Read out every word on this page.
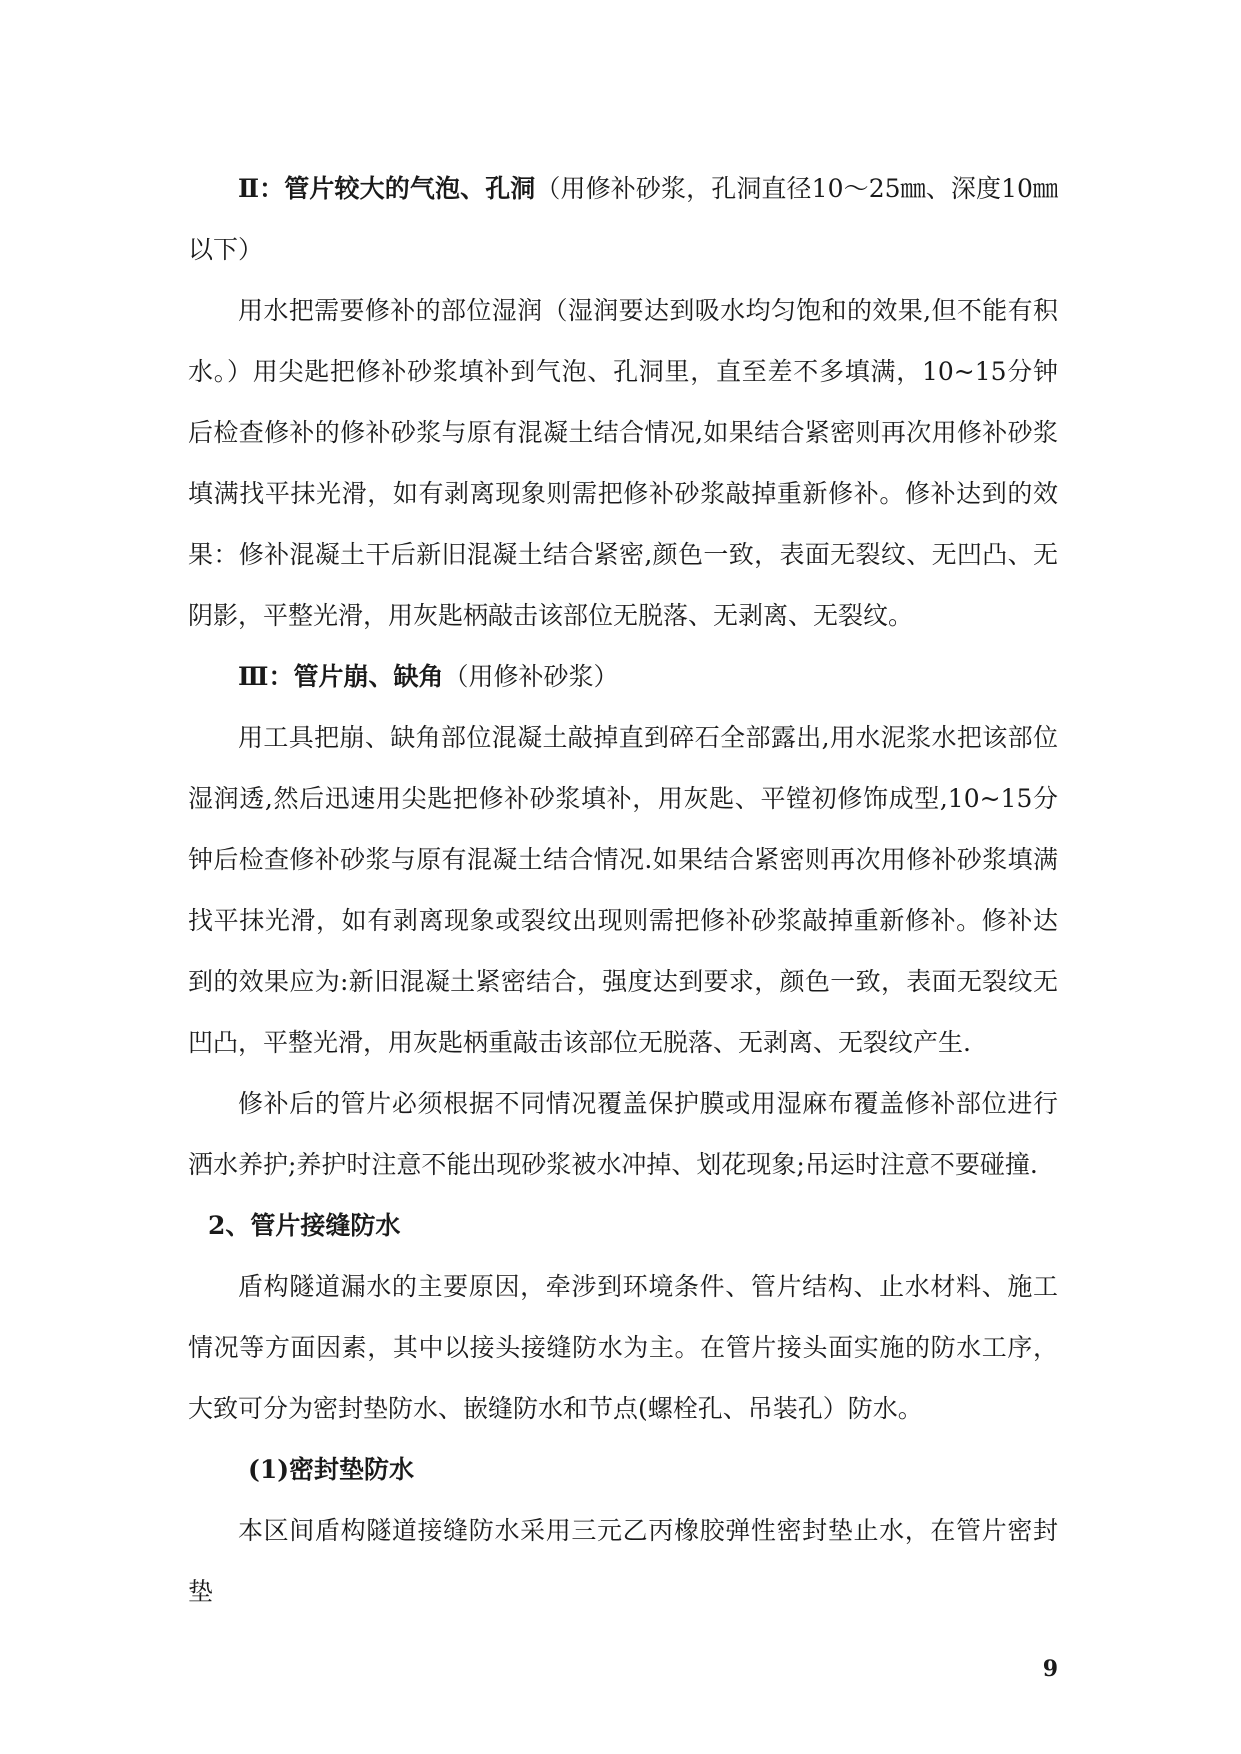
Ⅱ：管片较大的气泡、孔洞（用修补砂浆，孔洞直径10～25㎜、深度10㎜以下）

用水把需要修补的部位湿润（湿润要达到吸水均匀饱和的效果,但不能有积水。）用尖匙把修补砂浆填补到气泡、孔洞里，直至差不多填满，10~15分钟后检查修补的修补砂浆与原有混凝土结合情况,如果结合紧密则再次用修补砂浆填满找平抹光滑，如有剥离现象则需把修补砂浆敲掉重新修补。修补达到的效果：修补混凝土干后新旧混凝土结合紧密,颜色一致，表面无裂纹、无凹凸、无阴影，平整光滑，用灰匙柄敲击该部位无脱落、无剥离、无裂纹。

Ⅲ：管片崩、缺角（用修补砂浆）

用工具把崩、缺角部位混凝土敲掉直到碎石全部露出,用水泥浆水把该部位湿润透,然后迅速用尖匙把修补砂浆填补，用灰匙、平镗初修饰成型,10~15分钟后检查修补砂浆与原有混凝土结合情况.如果结合紧密则再次用修补砂浆填满找平抹光滑，如有剥离现象或裂纹出现则需把修补砂浆敲掉重新修补。修补达到的效果应为:新旧混凝土紧密结合，强度达到要求，颜色一致，表面无裂纹无凹凸，平整光滑，用灰匙柄重敲击该部位无脱落、无剥离、无裂纹产生.

修补后的管片必须根据不同情况覆盖保护膜或用湿麻布覆盖修补部位进行洒水养护;养护时注意不能出现砂浆被水冲掉、划花现象;吊运时注意不要碰撞.

2、管片接缝防水

盾构隧道漏水的主要原因，牵涉到环境条件、管片结构、止水材料、施工情况等方面因素，其中以接头接缝防水为主。在管片接头面实施的防水工序，大致可分为密封垫防水、嵌缝防水和节点(螺栓孔、吊装孔）防水。

(1)密封垫防水

本区间盾构隧道接缝防水采用三元乙丙橡胶弹性密封垫止水，在管片密封垫

9
